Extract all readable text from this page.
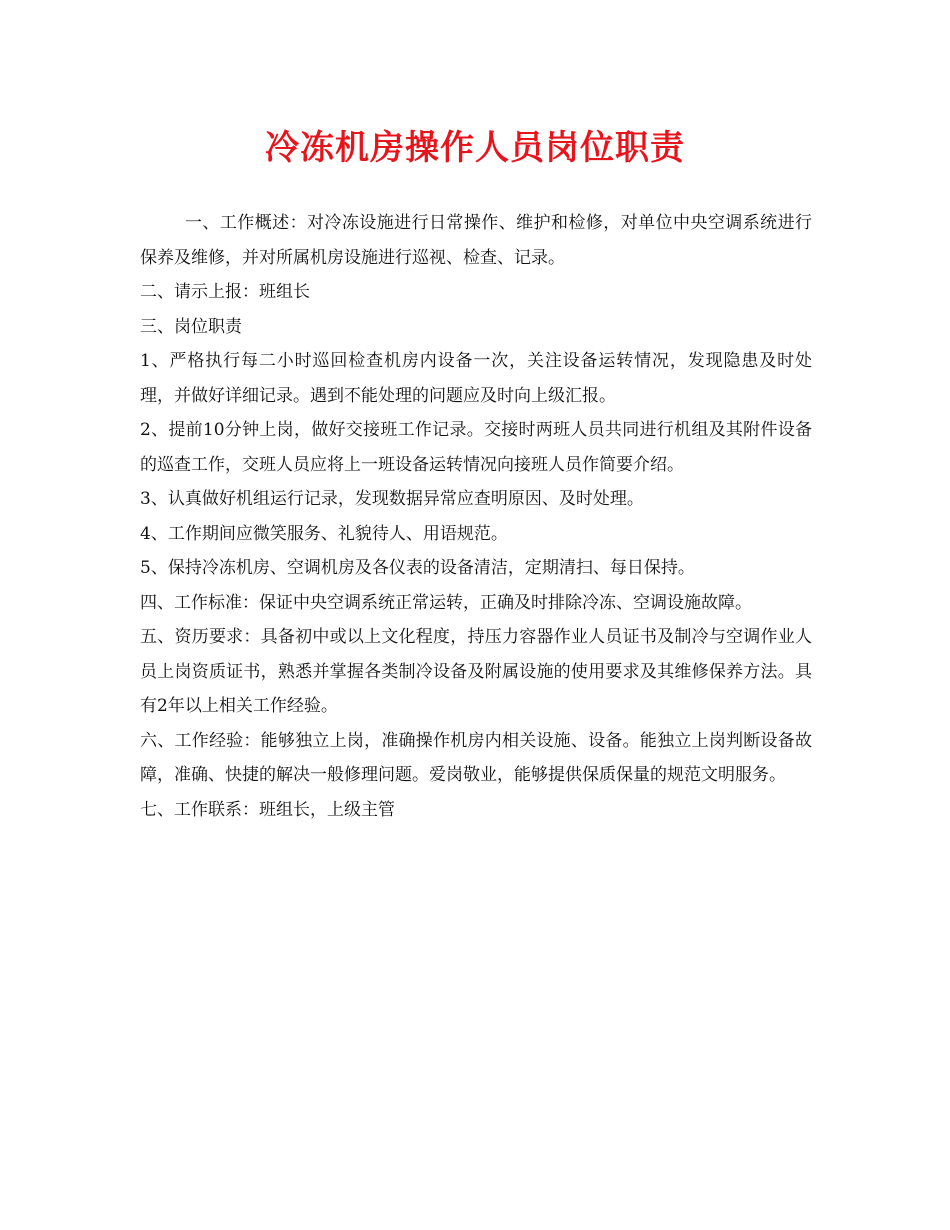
冷冻机房操作人员岗位职责

一、工作概述：对冷冻设施进行日常操作、维护和检修，对单位中央空调系统进行保养及维修，并对所属机房设施进行巡视、检查、记录。

二、请示上报：班组长

三、岗位职责

1、严格执行每二小时巡回检查机房内设备一次，关注设备运转情况，发现隐患及时处理，并做好详细记录。遇到不能处理的问题应及时向上级汇报。

2、提前10分钟上岗，做好交接班工作记录。交接时两班人员共同进行机组及其附件设备的巡查工作，交班人员应将上一班设备运转情况向接班人员作简要介绍。

3、认真做好机组运行记录，发现数据异常应查明原因、及时处理。

4、工作期间应微笑服务、礼貌待人、用语规范。

5、保持冷冻机房、空调机房及各仪表的设备清洁，定期清扫、每日保持。

四、工作标准：保证中央空调系统正常运转，正确及时排除冷冻、空调设施故障。

五、资历要求：具备初中或以上文化程度，持压力容器作业人员证书及制冷与空调作业人员上岗资质证书，熟悉并掌握各类制冷设备及附属设施的使用要求及其维修保养方法。具有2年以上相关工作经验。

六、工作经验：能够独立上岗，准确操作机房内相关设施、设备。能独立上岗判断设备故障，准确、快捷的解决一般修理问题。爱岗敬业，能够提供保质保量的规范文明服务。

七、工作联系：班组长，上级主管
